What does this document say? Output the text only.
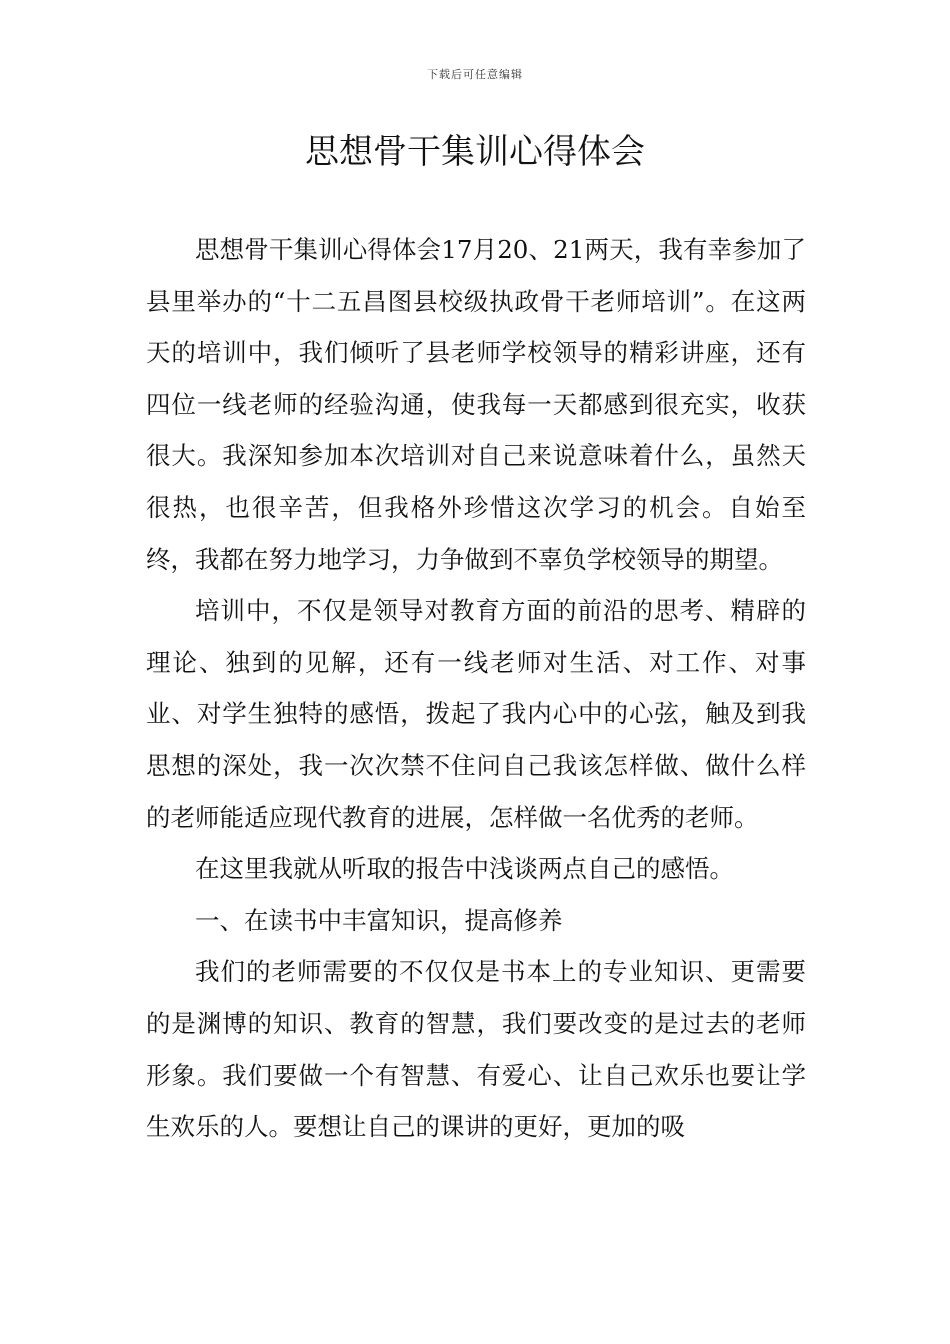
下载后可任意编辑
思想骨干集训心得体会

思想骨干集训心得体会17月20、21两天，我有幸参加了县里举办的“十二五昌图县校级执政骨干老师培训”。在这两天的培训中，我们倾听了县老师学校领导的精彩讲座，还有四位一线老师的经验沟通，使我每一天都感到很充实，收获很大。我深知参加本次培训对自己来说意味着什么，虽然天很热，也很辛苦，但我格外珍惜这次学习的机会。自始至终，我都在努力地学习，力争做到不辜负学校领导的期望。

培训中，不仅是领导对教育方面的前沿的思考、精辟的理论、独到的见解，还有一线老师对生活、对工作、对事业、对学生独特的感悟，拨起了我内心中的心弦，触及到我思想的深处，我一次次禁不住问自己我该怎样做、做什么样的老师能适应现代教育的进展，怎样做一名优秀的老师。

在这里我就从听取的报告中浅谈两点自己的感悟。

一、在读书中丰富知识，提高修养

我们的老师需要的不仅仅是书本上的专业知识、更需要的是渊博的知识、教育的智慧，我们要改变的是过去的老师形象。我们要做一个有智慧、有爱心、让自己欢乐也要让学生欢乐的人。要想让自己的课讲的更好，更加的吸
